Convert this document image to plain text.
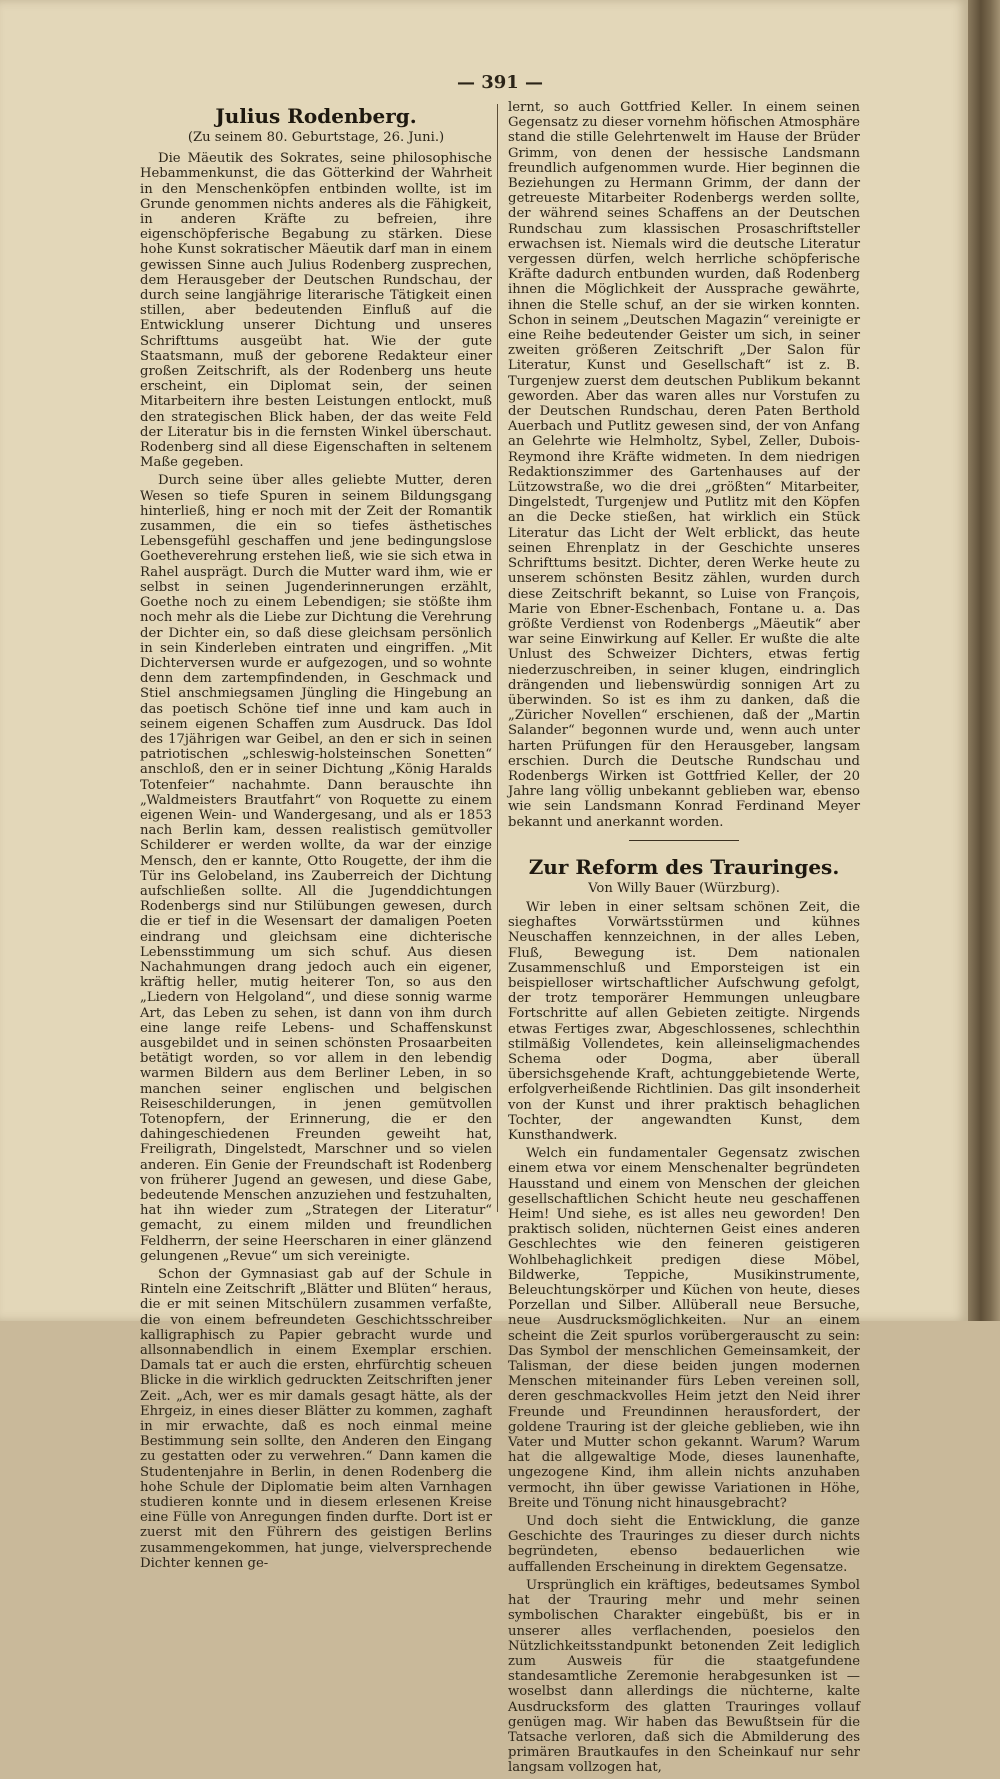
— 391 —
Julius Rodenberg.
(Zu seinem 80. Geburtstage, 26. Juni.)

Die Mäeutik des Sokrates, seine philosophische Hebammenkunst, die das Götterkind der Wahrheit in den Menschenköpfen entbinden wollte, ist im Grunde genommen nichts anderes als die Fähigkeit, in anderen Kräfte zu befreien, ihre eigenschöpferische Begabung zu stärken. Diese hohe Kunst sokratischer Mäeutik darf man in einem gewissen Sinne auch Julius Rodenberg zusprechen, dem Herausgeber der Deutschen Rundschau, der durch seine langjährige literarische Tätigkeit einen stillen, aber bedeutenden Einfluß auf die Entwicklung unserer Dichtung und unseres Schrifttums ausgeübt hat. Wie der gute Staatsmann, muß der geborene Redakteur einer großen Zeitschrift, als der Rodenberg uns heute erscheint, ein Diplomat sein, der seinen Mitarbeitern ihre besten Leistungen entlockt, muß den strategischen Blick haben, der das weite Feld der Literatur bis in die fernsten Winkel überschaut. Rodenberg sind all diese Eigenschaften in seltenem Maße gegeben.

Durch seine über alles geliebte Mutter, deren Wesen so tiefe Spuren in seinem Bildungsgang hinterließ, hing er noch mit der Zeit der Romantik zusammen, die ein so tiefes ästhetisches Lebensgefühl geschaffen und jene bedingungslose Goetheverehrung erstehen ließ, wie sie sich etwa in Rahel ausprägt. Durch die Mutter ward ihm, wie er selbst in seinen Jugenderinnerungen erzählt, Goethe noch zu einem Lebendigen; sie stößte ihm noch mehr als die Liebe zur Dichtung die Verehrung der Dichter ein, so daß diese gleichsam persönlich in sein Kinderleben eintraten und eingriffen. „Mit Dichterversen wurde er aufgezogen, und so wohnte denn dem zartempfindenden, in Geschmack und Stiel anschmiegsamen Jüngling die Hingebung an das poetisch Schöne tief inne und kam auch in seinem eigenen Schaffen zum Ausdruck. Das Idol des 17jährigen war Geibel, an den er sich in seinen patriotischen „schleswig-holsteinschen Sonetten“ anschloß, den er in seiner Dichtung „König Haralds Totenfeier“ nachahmte. Dann berauschte ihn „Waldmeisters Brautfahrt“ von Roquette zu einem eigenen Wein- und Wandergesang, und als er 1853 nach Berlin kam, dessen realistisch gemütvoller Schilderer er werden wollte, da war der einzige Mensch, den er kannte, Otto Rougette, der ihm die Tür ins Gelobeland, ins Zauberreich der Dichtung aufschließen sollte. All die Jugenddichtungen Rodenbergs sind nur Stilübungen gewesen, durch die er tief in die Wesensart der damaligen Poeten eindrang und gleichsam eine dichterische Lebensstimmung um sich schuf. Aus diesen Nachahmungen drang jedoch auch ein eigener, kräftig heller, mutig heiterer Ton, so aus den „Liedern von Helgoland“, und diese sonnig warme Art, das Leben zu sehen, ist dann von ihm durch eine lange reife Lebens- und Schaffenskunst ausgebildet und in seinen schönsten Prosaarbeiten betätigt worden, so vor allem in den lebendig warmen Bildern aus dem Berliner Leben, in so manchen seiner englischen und belgischen Reiseschilderungen, in jenen gemütvollen Totenopfern, der Erinnerung, die er den dahingeschiedenen Freunden geweiht hat, Freiligrath, Dingelstedt, Marschner und so vielen anderen. Ein Genie der Freundschaft ist Rodenberg von früherer Jugend an gewesen, und diese Gabe, bedeutende Menschen anzuziehen und festzuhalten, hat ihn wieder zum „Strategen der Literatur“ gemacht, zu einem milden und freundlichen Feldherrn, der seine Heerscharen in einer glänzend gelungenen „Revue“ um sich vereinigte.

Schon der Gymnasiast gab auf der Schule in Rinteln eine Zeitschrift „Blätter und Blüten“ heraus, die er mit seinen Mitschülern zusammen verfaßte, die von einem befreundeten Geschichtsschreiber kalligraphisch zu Papier gebracht wurde und allsonnabendlich in einem Exemplar erschien. Damals tat er auch die ersten, ehrfürchtig scheuen Blicke in die wirklich gedruckten Zeitschriften jener Zeit. „Ach, wer es mir damals gesagt hätte, als der Ehrgeiz, in eines dieser Blätter zu kommen, zaghaft in mir erwachte, daß es noch einmal meine Bestimmung sein sollte, den Anderen den Eingang zu gestatten oder zu verwehren.“ Dann kamen die Studentenjahre in Berlin, in denen Rodenberg die hohe Schule der Diplomatie beim alten Varnhagen studieren konnte und in diesem erlesenen Kreise eine Fülle von Anregungen finden durfte. Dort ist er zuerst mit den Führern des geistigen Berlins zusammengekommen, hat junge, vielversprechende Dichter kennen ge-

lernt, so auch Gottfried Keller. In einem seinen Gegensatz zu dieser vornehm höfischen Atmosphäre stand die stille Gelehrtenwelt im Hause der Brüder Grimm, von denen der hessische Landsmann freundlich aufgenommen wurde. Hier beginnen die Beziehungen zu Hermann Grimm, der dann der getreueste Mitarbeiter Rodenbergs werden sollte, der während seines Schaffens an der Deutschen Rundschau zum klassischen Prosaschriftsteller erwachsen ist. Niemals wird die deutsche Literatur vergessen dürfen, welch herrliche schöpferische Kräfte dadurch entbunden wurden, daß Rodenberg ihnen die Möglichkeit der Aussprache gewährte, ihnen die Stelle schuf, an der sie wirken konnten. Schon in seinem „Deutschen Magazin“ vereinigte er eine Reihe bedeutender Geister um sich, in seiner zweiten größeren Zeitschrift „Der Salon für Literatur, Kunst und Gesellschaft“ ist z. B. Turgenjew zuerst dem deutschen Publikum bekannt geworden. Aber das waren alles nur Vorstufen zu der Deutschen Rundschau, deren Paten Berthold Auerbach und Putlitz gewesen sind, der von Anfang an Gelehrte wie Helmholtz, Sybel, Zeller, Dubois-Reymond ihre Kräfte widmeten. In dem niedrigen Redaktionszimmer des Gartenhauses auf der Lützowstraße, wo die drei „größten“ Mitarbeiter, Dingelstedt, Turgenjew und Putlitz mit den Köpfen an die Decke stießen, hat wirklich ein Stück Literatur das Licht der Welt erblickt, das heute seinen Ehrenplatz in der Geschichte unseres Schrifttums besitzt. Dichter, deren Werke heute zu unserem schönsten Besitz zählen, wurden durch diese Zeitschrift bekannt, so Luise von François, Marie von Ebner-Eschenbach, Fontane u. a. Das größte Verdienst von Rodenbergs „Mäeutik“ aber war seine Einwirkung auf Keller. Er wußte die alte Unlust des Schweizer Dichters, etwas fertig niederzuschreiben, in seiner klugen, eindringlich drängenden und liebenswürdig sonnigen Art zu überwinden. So ist es ihm zu danken, daß die „Züricher Novellen“ erschienen, daß der „Martin Salander“ begonnen wurde und, wenn auch unter harten Prüfungen für den Herausgeber, langsam erschien. Durch die Deutsche Rundschau und Rodenbergs Wirken ist Gottfried Keller, der 20 Jahre lang völlig unbekannt geblieben war, ebenso wie sein Landsmann Konrad Ferdinand Meyer bekannt und anerkannt worden.

Zur Reform des Trauringes.
Von Willy Bauer (Würzburg).

Wir leben in einer seltsam schönen Zeit, die sieghaftes Vorwärtsstürmen und kühnes Neuschaffen kennzeichnen, in der alles Leben, Fluß, Bewegung ist. Dem nationalen Zusammenschluß und Emporsteigen ist ein beispielloser wirtschaftlicher Aufschwung gefolgt, der trotz temporärer Hemmungen unleugbare Fortschritte auf allen Gebieten zeitigte. Nirgends etwas Fertiges zwar, Abgeschlossenes, schlechthin stilmäßig Vollendetes, kein alleinseligmachendes Schema oder Dogma, aber überall übersichsgehende Kraft, achtunggebietende Werte, erfolgverheißende Richtlinien. Das gilt insonderheit von der Kunst und ihrer praktisch behaglichen Tochter, der angewandten Kunst, dem Kunsthandwerk.

Welch ein fundamentaler Gegensatz zwischen einem etwa vor einem Menschenalter begründeten Hausstand und einem von Menschen der gleichen gesellschaftlichen Schicht heute neu geschaffenen Heim! Und siehe, es ist alles neu geworden! Den praktisch soliden, nüchternen Geist eines anderen Geschlechtes wie den feineren geistigeren Wohlbehaglichkeit predigen diese Möbel, Bildwerke, Teppiche, Musikinstrumente, Beleuchtungskörper und Küchen von heute, dieses Porzellan und Silber. Allüberall neue Bersuche, neue Ausdrucksmöglichkeiten. Nur an einem scheint die Zeit spurlos vorübergerauscht zu sein: Das Symbol der menschlichen Gemeinsamkeit, der Talisman, der diese beiden jungen modernen Menschen miteinander fürs Leben vereinen soll, deren geschmackvolles Heim jetzt den Neid ihrer Freunde und Freundinnen herausfordert, der goldene Trauring ist der gleiche geblieben, wie ihn Vater und Mutter schon gekannt. Warum? Warum hat die allgewaltige Mode, dieses launenhafte, ungezogene Kind, ihm allein nichts anzuhaben vermocht, ihn über gewisse Variationen in Höhe, Breite und Tönung nicht hinausgebracht?

Und doch sieht die Entwicklung, die ganze Geschichte des Trauringes zu dieser durch nichts begründeten, ebenso bedauerlichen wie auffallenden Erscheinung in direktem Gegensatze.

Ursprünglich ein kräftiges, bedeutsames Symbol hat der Trauring mehr und mehr seinen symbolischen Charakter eingebüßt, bis er in unserer alles verflachenden, poesielos den Nützlichkeitsstandpunkt betonenden Zeit lediglich zum Ausweis für die staatgefundene standesamtliche Zeremonie herabgesunken ist — woselbst dann allerdings die nüchterne, kalte Ausdrucksform des glatten Trauringes vollauf genügen mag. Wir haben das Bewußtsein für die Tatsache verloren, daß sich die Abmilderung des primären Brautkaufes in den Scheinkauf nur sehr langsam vollzogen hat,
